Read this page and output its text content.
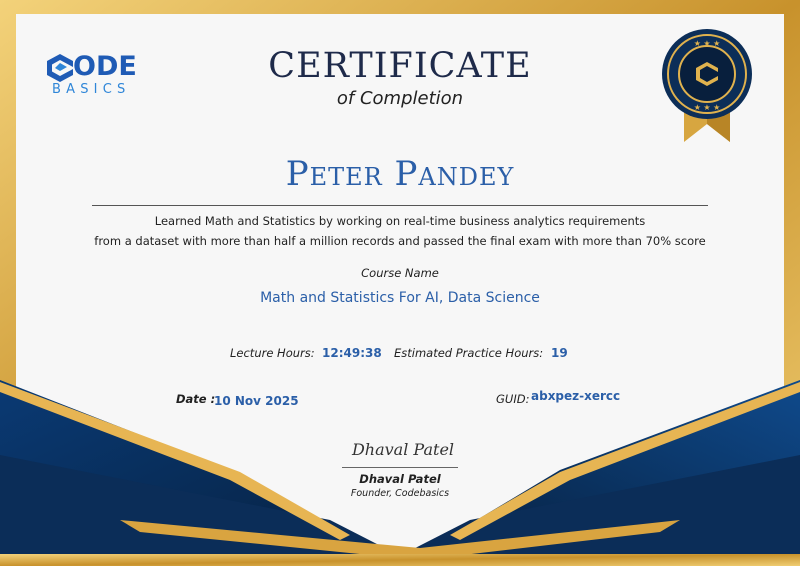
ODE
BASICS
CERTIFICATE
of Completion
★ ★ ★
★ ★ ★
Peter Pandey
Learned Math and Statistics by working on real-time business analytics requirements
from a dataset with more than half a million records and passed the final exam with more than 70% score
Course Name
Math and Statistics For AI, Data Science
Lecture Hours: 12:49:38 Estimated Practice Hours: 19
Date :
10 Nov 2025	GUID: abxpez-xercc
Dhaval Patel
Dhaval Patel
Founder, Codebasics
